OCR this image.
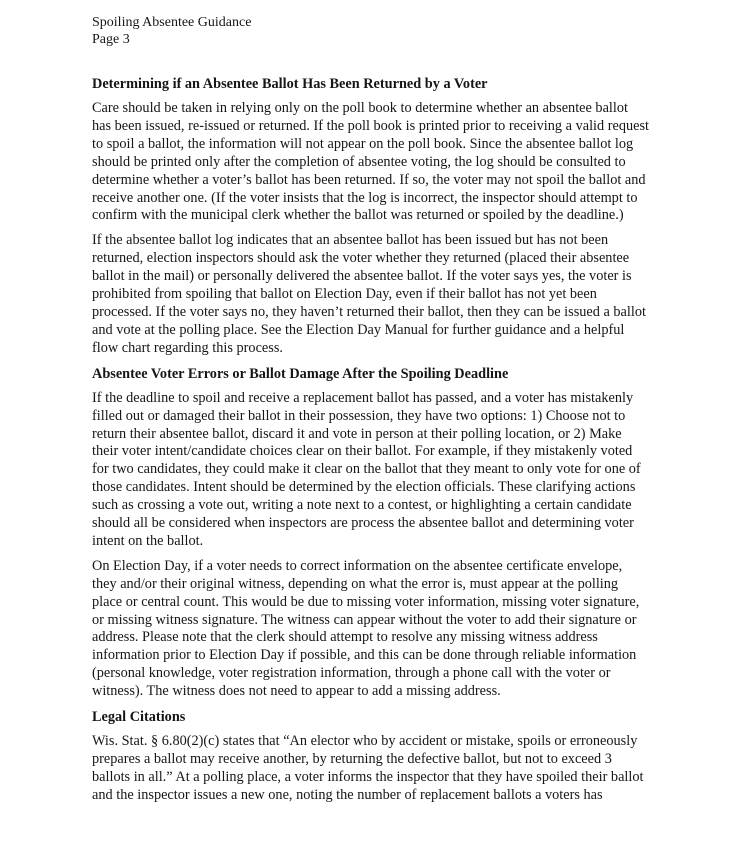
Spoiling Absentee Guidance
Page 3
Determining if an Absentee Ballot Has Been Returned by a Voter

Care should be taken in relying only on the poll book to determine whether an absentee ballot
has been issued, re-issued or returned. If the poll book is printed prior to receiving a valid request
to spoil a ballot, the information will not appear on the poll book. Since the absentee ballot log
should be printed only after the completion of absentee voting, the log should be consulted to
determine whether a voter’s ballot has been returned. If so, the voter may not spoil the ballot and
receive another one. (If the voter insists that the log is incorrect, the inspector should attempt to
confirm with the municipal clerk whether the ballot was returned or spoiled by the deadline.)

If the absentee ballot log indicates that an absentee ballot has been issued but has not been
returned, election inspectors should ask the voter whether they returned (placed their absentee
ballot in the mail) or personally delivered the absentee ballot. If the voter says yes, the voter is
prohibited from spoiling that ballot on Election Day, even if their ballot has not yet been
processed. If the voter says no, they haven’t returned their ballot, then they can be issued a ballot
and vote at the polling place. See the Election Day Manual for further guidance and a helpful
flow chart regarding this process.

Absentee Voter Errors or Ballot Damage After the Spoiling Deadline

If the deadline to spoil and receive a replacement ballot has passed, and a voter has mistakenly
filled out or damaged their ballot in their possession, they have two options: 1) Choose not to
return their absentee ballot, discard it and vote in person at their polling location, or 2) Make
their voter intent/candidate choices clear on their ballot. For example, if they mistakenly voted
for two candidates, they could make it clear on the ballot that they meant to only vote for one of
those candidates. Intent should be determined by the election officials. These clarifying actions
such as crossing a vote out, writing a note next to a contest, or highlighting a certain candidate
should all be considered when inspectors are process the absentee ballot and determining voter
intent on the ballot.

On Election Day, if a voter needs to correct information on the absentee certificate envelope,
they and/or their original witness, depending on what the error is, must appear at the polling
place or central count. This would be due to missing voter information, missing voter signature,
or missing witness signature. The witness can appear without the voter to add their signature or
address. Please note that the clerk should attempt to resolve any missing witness address
information prior to Election Day if possible, and this can be done through reliable information
(personal knowledge, voter registration information, through a phone call with the voter or
witness). The witness does not need to appear to add a missing address.

Legal Citations

Wis. Stat. § 6.80(2)(c) states that “An elector who by accident or mistake, spoils or erroneously
prepares a ballot may receive another, by returning the defective ballot, but not to exceed 3
ballots in all.” At a polling place, a voter informs the inspector that they have spoiled their ballot
and the inspector issues a new one, noting the number of replacement ballots a voters has
